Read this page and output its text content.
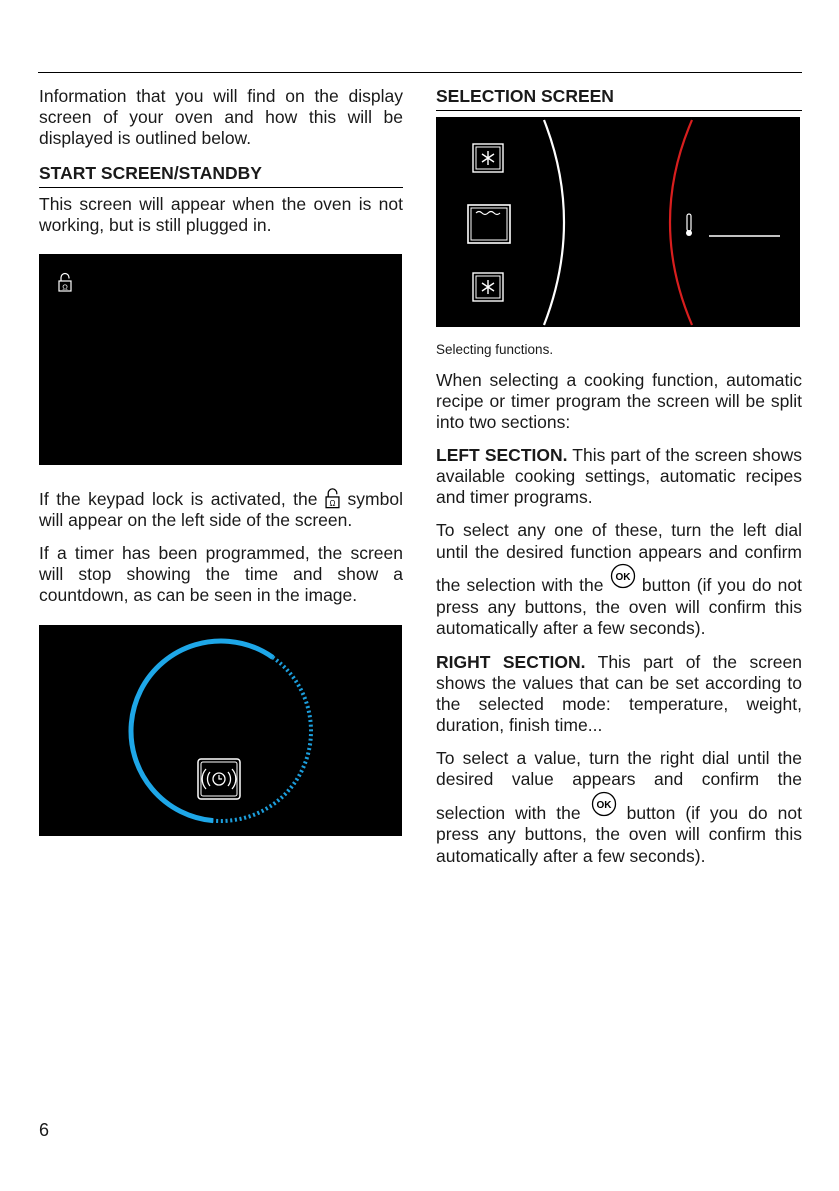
Information that you will find on the display screen of your oven and how this will be displayed is outlined below.

START SCREEN/STANDBY

This screen will appear when the oven is not working, but is still plugged in.

Ω

If the keypad lock is activated, the Ω symbol will appear on the left side of the screen.

If a timer has been programmed, the screen will stop showing the time and show a countdown, as can be seen in the image.

SELECTION SCREEN

Selecting functions.

When selecting a cooking function, automatic recipe or timer program the screen will be split into two sections:

LEFT SECTION. This part of the screen shows available cooking settings, automatic recipes and timer programs.

To select any one of these, turn the left dial until the desired function appears and confirm the selection with the OK button (if you do not press any buttons, the oven will confirm this automatically after a few seconds).

RIGHT SECTION. This part of the screen shows the values that can be set according to the selected mode: temperature, weight, duration, finish time...

To select a value, turn the right dial until the desired value appears and confirm the selection with the OK button (if you do not press any buttons, the oven will confirm this automatically after a few seconds).

6
